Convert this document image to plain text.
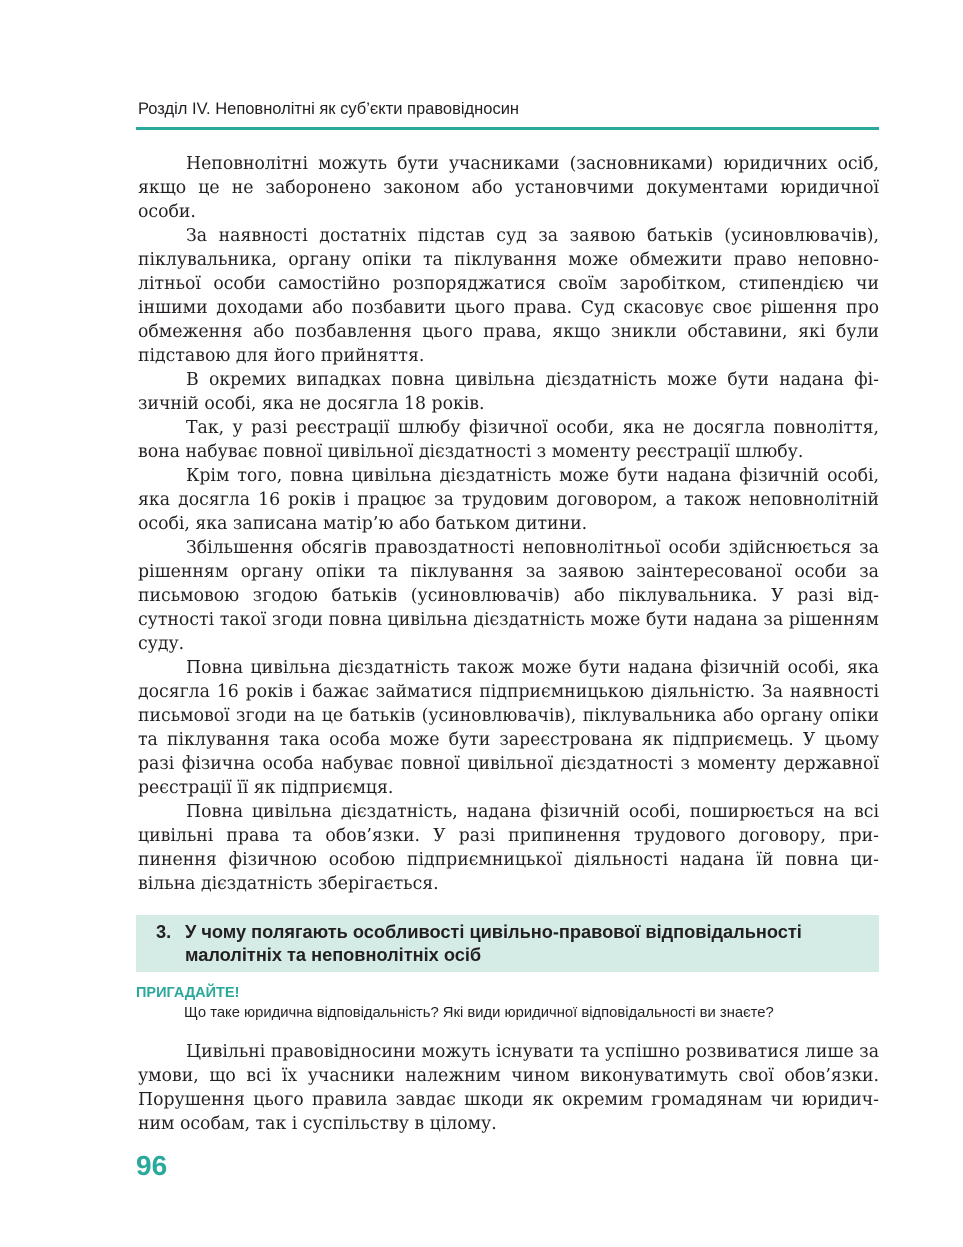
Розділ IV. Неповнолітні як суб’єкти правовідносин

Неповнолітні можуть бути учасниками (засновниками) юридичних осіб, якщо це не заборонено законом або установчими документами юридичної особи.

За наявності достатніх підстав суд за заявою батьків (усиновлювачів), піклувальника, органу опіки та піклування може обмежити право неповнолітньої особи самостійно розпоряджатися своїм заробітком, стипендією чи іншими доходами або позбавити цього права. Суд скасовує своє рішення про обмеження або позбавлення цього права, якщо зникли обставини, які були підставою для його прийняття.

В окремих випадках повна цивільна дієздатність може бути надана фізичній особі, яка не досягла 18 років.

Так, у разі реєстрації шлюбу фізичної особи, яка не досягла повноліття, вона набуває повної цивільної дієздатності з моменту реєстрації шлюбу.

Крім того, повна цивільна дієздатність може бути надана фізичній особі, яка досягла 16 років і працює за трудовим договором, а також неповнолітній особі, яка записана матір’ю або батьком дитини.

Збільшення обсягів правоздатності неповнолітньої особи здійснюється за рішенням органу опіки та піклування за заявою заінтересованої особи за письмовою згодою батьків (усиновлювачів) або піклувальника. У разі відсутності такої згоди повна цивільна дієздатність може бути надана за рішенням суду.

Повна цивільна дієздатність також може бути надана фізичній особі, яка досягла 16 років і бажає займатися підприємницькою діяльністю. За наявності письмової згоди на це батьків (усиновлювачів), піклувальника або органу опіки та піклування така особа може бути зареєстрована як підприємець. У цьому разі фізична особа набуває повної цивільної дієздатності з моменту державної реєстрації її як підприємця.

Повна цивільна дієздатність, надана фізичній особі, поширюється на всі цивільні права та обов’язки. У разі припинення трудового договору, припинення фізичною особою підприємницької діяльності надана їй повна цивільна дієздатність зберігається.

3. У чому полягають особливості цивільно-правової відповідальності малолітніх та неповнолітніх осіб
ПРИГАДАЙТЕ!
Що таке юридична відповідальність? Які види юридичної відповідальності ви знаєте?

Цивільні правовідносини можуть існувати та успішно розвиватися лише за умови, що всі їх учасники належним чином виконуватимуть свої обов’язки. Порушення цього правила завдає шкоди як окремим громадянам чи юридичним особам, так і суспільству в цілому.

96
